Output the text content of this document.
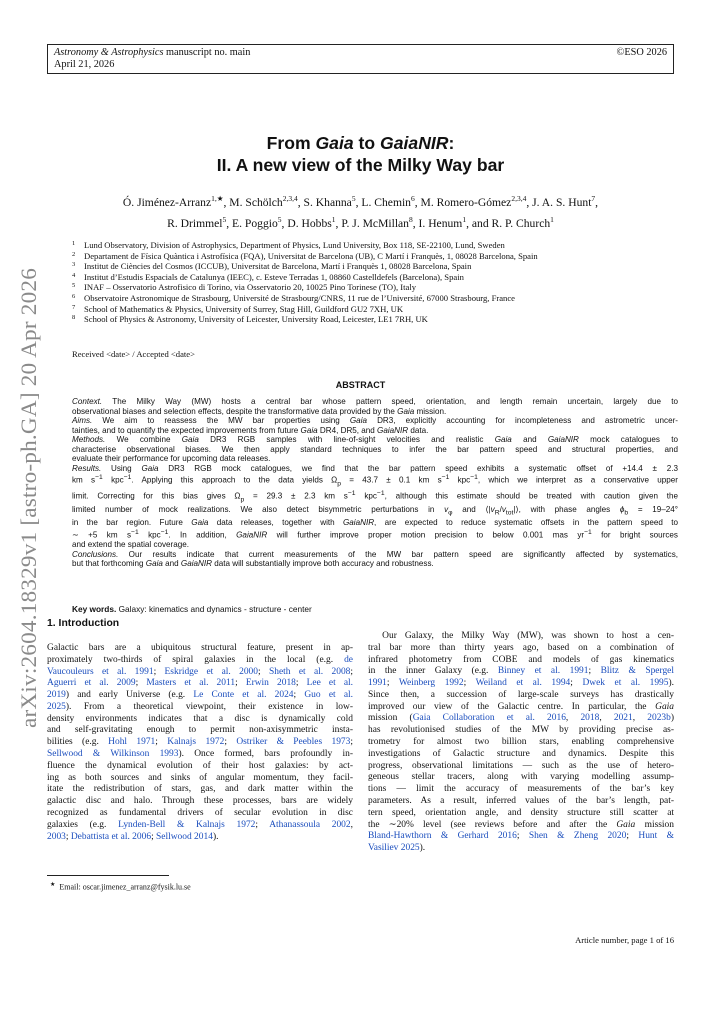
Astronomy & Astrophysics manuscript no. main
April 21, 2026
©ESO 2026
arXiv:2604.18329v1 [astro-ph.GA] 20 Apr 2026
From Gaia to GaiaNIR:
II. A new view of the Milky Way bar
Ó. Jiménez-Arranz$^{1,★}$, M. Schölch$^{2,3,4}$, S. Khanna$^5$, L. Chemin$^6$, M. Romero-Gómez$^{2,3,4}$, J. A. S. Hunt$^7$,
R. Drimmel$^5$, E. Poggio$^5$, D. Hobbs$^1$, P. J. McMillan$^8$, I. Henum$^1$, and R. P. Church$^1$
1	Lund Observatory, Division of Astrophysics, Department of Physics, Lund University, Box 118, SE-22100, Lund, Sweden
2	Departament de Física Quàntica i Astrofísica (FQA), Universitat de Barcelona (UB), C Martí i Franquès, 1, 08028 Barcelona, Spain
3	Institut de Ciències del Cosmos (ICCUB), Universitat de Barcelona, Martí i Franquès 1, 08028 Barcelona, Spain
4	Institut d’Estudis Espacials de Catalunya (IEEC), c. Esteve Terradas 1, 08860 Castelldefels (Barcelona), Spain
5	INAF – Osservatorio Astrofisico di Torino, via Osservatorio 20, 10025 Pino Torinese (TO), Italy
6	Observatoire Astronomique de Strasbourg, Université de Strasbourg/CNRS, 11 rue de l’Université, 67000 Strasbourg, France
7	School of Mathematics & Physics, University of Surrey, Stag Hill, Guildford GU2 7XH, UK
8	School of Physics & Astronomy, University of Leicester, University Road, Leicester, LE1 7RH, UK
Received <date> / Accepted <date>
ABSTRACT
Context. The Milky Way (MW) hosts a central bar whose pattern speed, orientation, and length remain uncertain, largely due to
observational biases and selection effects, despite the transformative data provided by the Gaia mission.
Aims. We aim to reassess the MW bar properties using Gaia DR3, explicitly accounting for incompleteness and astrometric uncer-
tainties, and to quantify the expected improvements from future Gaia DR4, DR5, and GaiaNIR data.
Methods. We combine Gaia DR3 RGB samples with line-of-sight velocities and realistic Gaia and GaiaNIR mock catalogues to
characterise observational biases. We then apply standard techniques to infer the bar pattern speed and structural properties, and
evaluate their performance for upcoming data releases.
Results. Using Gaia DR3 RGB mock catalogues, we find that the bar pattern speed exhibits a systematic offset of +14.4 ± 2.3
km $s^{-1}$ kpc$^{-1}$. Applying this approach to the data yields $\Omega_p = 43.7 \pm 0.1$ km $s^{-1}$ kpc$^{-1}$, which we interpret as a conservative upper
limit. Correcting for this bias gives $\Omega_p = 29.3 \pm 2.3$ km $s^{-1}$ kpc$^{-1}$, although this estimate should be treated with caution given the
limited number of mock realizations. We also detect bisymmetric perturbations in $v_\varphi$ and $⟨|v_R/v_{tot}|⟩$, with phase angles $\phi_b = 19-24^\circ$
in the bar region. Future Gaia data releases, together with GaiaNIR, are expected to reduce systematic offsets in the pattern speed to
∼ +5 km $s^{-1}$ kpc$^{-1}$. In addition, GaiaNIR will further improve proper motion precision to below 0.001 mas $yr^{-1}$ for bright sources
and extend the spatial coverage.
Conclusions. Our results indicate that current measurements of the MW bar pattern speed are significantly affected by systematics,
but that forthcoming Gaia and GaiaNIR data will substantially improve both accuracy and robustness.
Key words. Galaxy: kinematics and dynamics - structure - center
1. Introduction
Galactic bars are a ubiquitous structural feature, present in ap-
proximately two-thirds of spiral galaxies in the local (e.g. de
Vaucouleurs et al. 1991; Eskridge et al. 2000; Sheth et al. 2008;
Aguerri et al. 2009; Masters et al. 2011; Erwin 2018; Lee et al.
2019) and early Universe (e.g. Le Conte et al. 2024; Guo et al.
2025). From a theoretical viewpoint, their existence in low-
density environments indicates that a disc is dynamically cold
and self-gravitating enough to permit non-axisymmetric insta-
bilities (e.g. Hohl 1971; Kalnajs 1972; Ostriker & Peebles 1973;
Sellwood & Wilkinson 1993). Once formed, bars profoundly in-
fluence the dynamical evolution of their host galaxies: by act-
ing as both sources and sinks of angular momentum, they facil-
itate the redistribution of stars, gas, and dark matter within the
galactic disc and halo. Through these processes, bars are widely
recognized as fundamental drivers of secular evolution in disc
galaxies (e.g. Lynden-Bell & Kalnajs 1972; Athanassoula 2002,
2003; Debattista et al. 2006; Sellwood 2014).
  Our Galaxy, the Milky Way (MW), was shown to host a cen-
tral bar more than thirty years ago, based on a combination of
infrared photometry from COBE and models of gas kinematics
in the inner Galaxy (e.g. Binney et al. 1991; Blitz & Spergel
1991; Weinberg 1992; Weiland et al. 1994; Dwek et al. 1995).
Since then, a succession of large-scale surveys has drastically
improved our view of the Galactic centre. In particular, the Gaia
mission (Gaia Collaboration et al. 2016, 2018, 2021, 2023b)
has revolutionised studies of the MW by providing precise as-
trometry for almost two billion stars, enabling comprehensive
investigations of Galactic structure and dynamics. Despite this
progress, observational limitations — such as the use of hetero-
geneous stellar tracers, along with varying modelling assump-
tions — limit the accuracy of measurements of the bar’s key
parameters. As a result, inferred values of the bar’s length, pat-
tern speed, orientation angle, and density structure still scatter at
the ∼20% level (see reviews before and after the Gaia mission
Bland-Hawthorn & Gerhard 2016; Shen & Zheng 2020; Hunt &
Vasiliev 2025).
★ Email: oscar.jimenez_arranz@fysik.lu.se
Article number, page 1 of 16
